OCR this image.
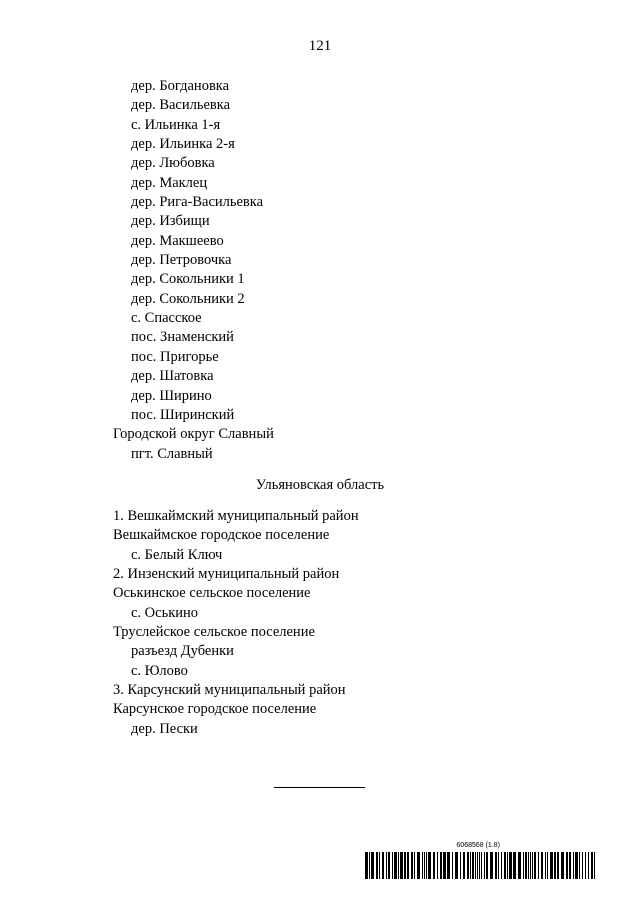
121
дер. Богдановка
дер. Васильевка
с. Ильинка 1-я
дер. Ильинка 2-я
дер. Любовка
дер. Маклец
дер. Рига-Васильевка
дер. Избищи
дер. Макшеево
дер. Петровочка
дер. Сокольники 1
дер. Сокольники 2
с. Спасское
пос. Знаменский
пос. Пригорье
дер. Шатовка
дер. Ширино
пос. Ширинский
Городской округ Славный
пгт. Славный
Ульяновская область
1. Вешкаймский муниципальный район
Вешкаймское городское поселение
с. Белый Ключ
2. Инзенский муниципальный район
Оськинское сельское поселение
с. Оськино
Труслейское сельское поселение
разъезд Дубенки
с. Юлово
3. Карсунский муниципальный район
Карсунское городское поселение
дер. Пески
6068568 (1.8)
